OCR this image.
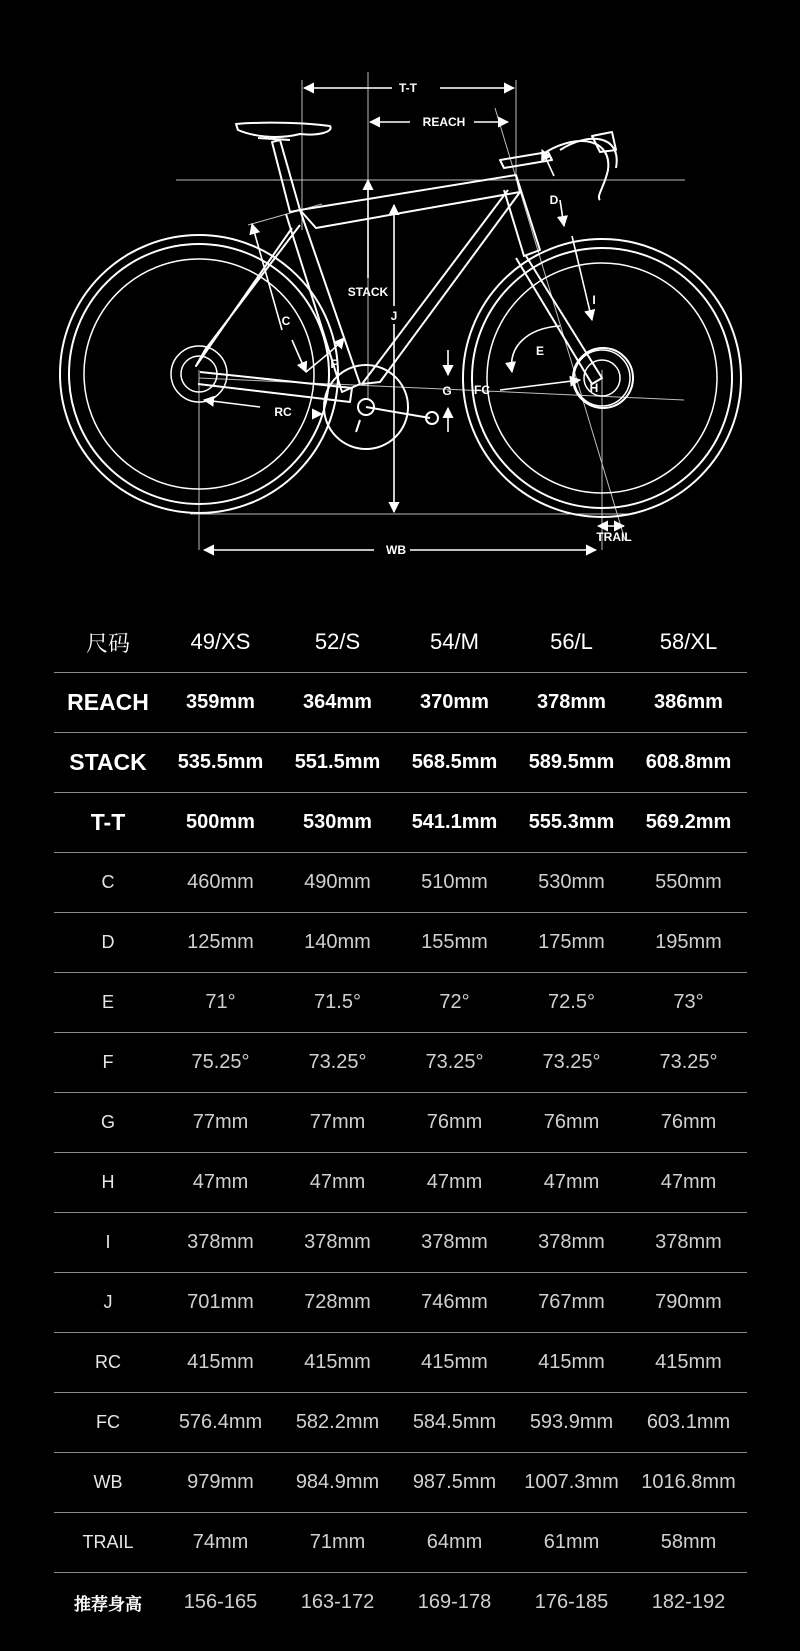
T-T
REACH
STACK
J
D
C
F
E
I
G FC	H
RC
WB
TRAIL
尺码	49/XS	52/S	54/M	56/L	58/XL
REACH	359mm	364mm	370mm	378mm	386mm
STACK	535.5mm	551.5mm	568.5mm	589.5mm	608.8mm
T-T	500mm	530mm	541.1mm	555.3mm	569.2mm
C	460mm	490mm	510mm	530mm	550mm
D	125mm	140mm	155mm	175mm	195mm
E	71°	71.5°	72°	72.5°	73°
F	75.25°	73.25°	73.25°	73.25°	73.25°
G	77mm	77mm	76mm	76mm	76mm
H	47mm	47mm	47mm	47mm	47mm
I	378mm	378mm	378mm	378mm	378mm
J	701mm	728mm	746mm	767mm	790mm
RC	415mm	415mm	415mm	415mm	415mm
FC	576.4mm	582.2mm	584.5mm	593.9mm	603.1mm
WB	979mm	984.9mm	987.5mm	1007.3mm	1016.8mm
TRAIL	74mm	71mm	64mm	61mm	58mm
推荐身高	156-165	163-172	169-178	176-185	182-192
